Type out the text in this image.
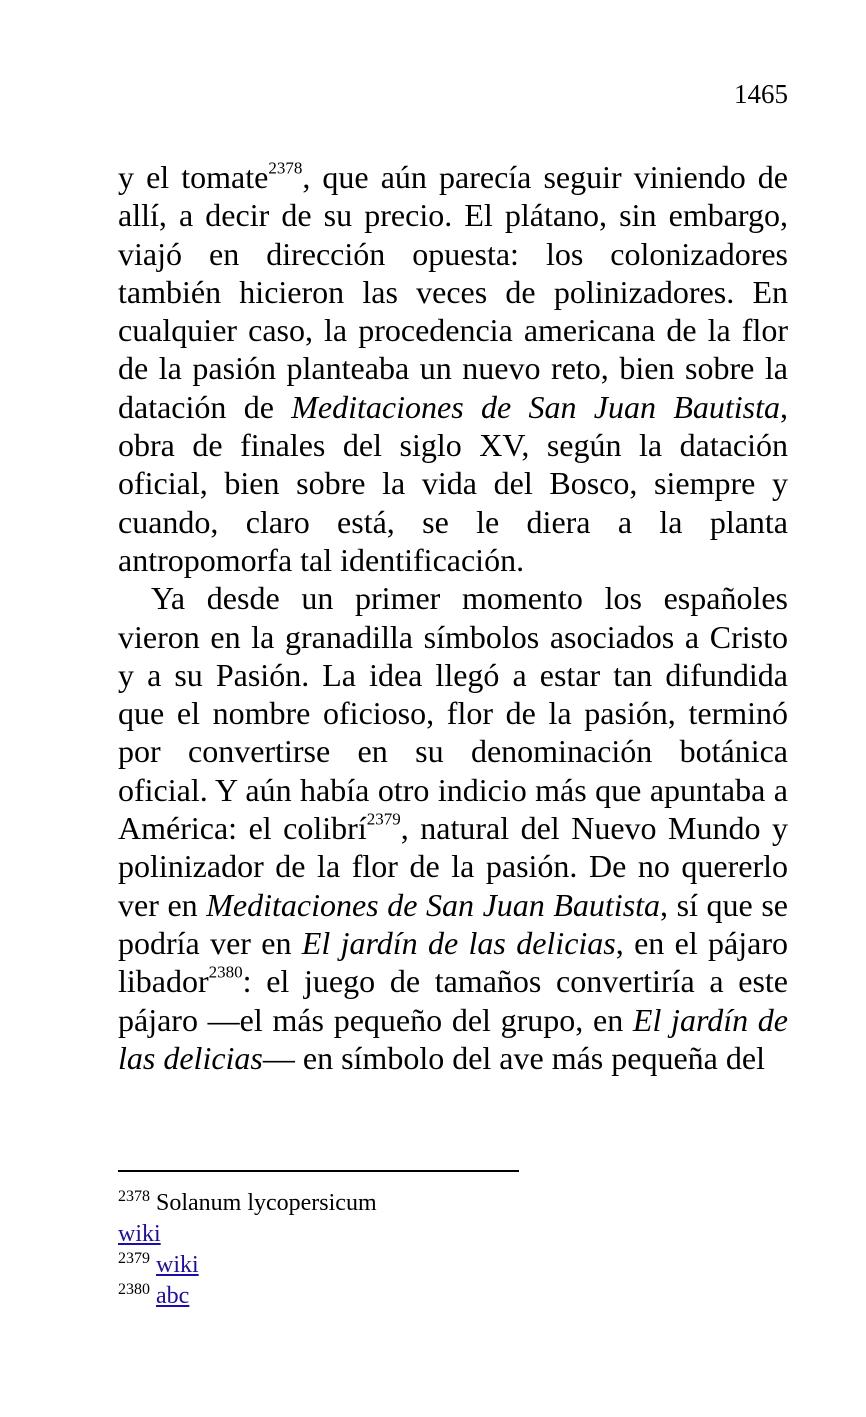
1465

y el tomate$^{2378}$, que aún parecía seguir viniendo de allí, a decir de su precio. El plátano, sin embargo, viajó en dirección opuesta: los colonizadores también hicieron las veces de polinizadores. En cualquier caso, la procedencia americana de la flor de la pasión planteaba un nuevo reto, bien sobre la datación de Meditaciones de San Juan Bautista, obra de finales del siglo XV, según la datación oficial, bien sobre la vida del Bosco, siempre y cuando, claro está, se le diera a la planta antropomorfa tal identificación.

Ya desde un primer momento los españoles vieron en la granadilla símbolos asociados a Cristo y a su Pasión. La idea llegó a estar tan difundida que el nombre oficioso, flor de la pasión, terminó por convertirse en su denominación botánica oficial. Y aún había otro indicio más que apuntaba a América: el colibrí$^{2379}$, natural del Nuevo Mundo y polinizador de la flor de la pasión. De no quererlo ver en Meditaciones de San Juan Bautista, sí que se podría ver en El jardín de las delicias, en el pájaro libador$^{2380}$: el juego de tamaños convertiría a este pájaro —el más pequeño del grupo, en El jardín de las delicias— en símbolo del ave más pequeña del

$^{2378}$ Solanum lycopersicum
wiki

$^{2379}$ wiki

$^{2380}$ abc
